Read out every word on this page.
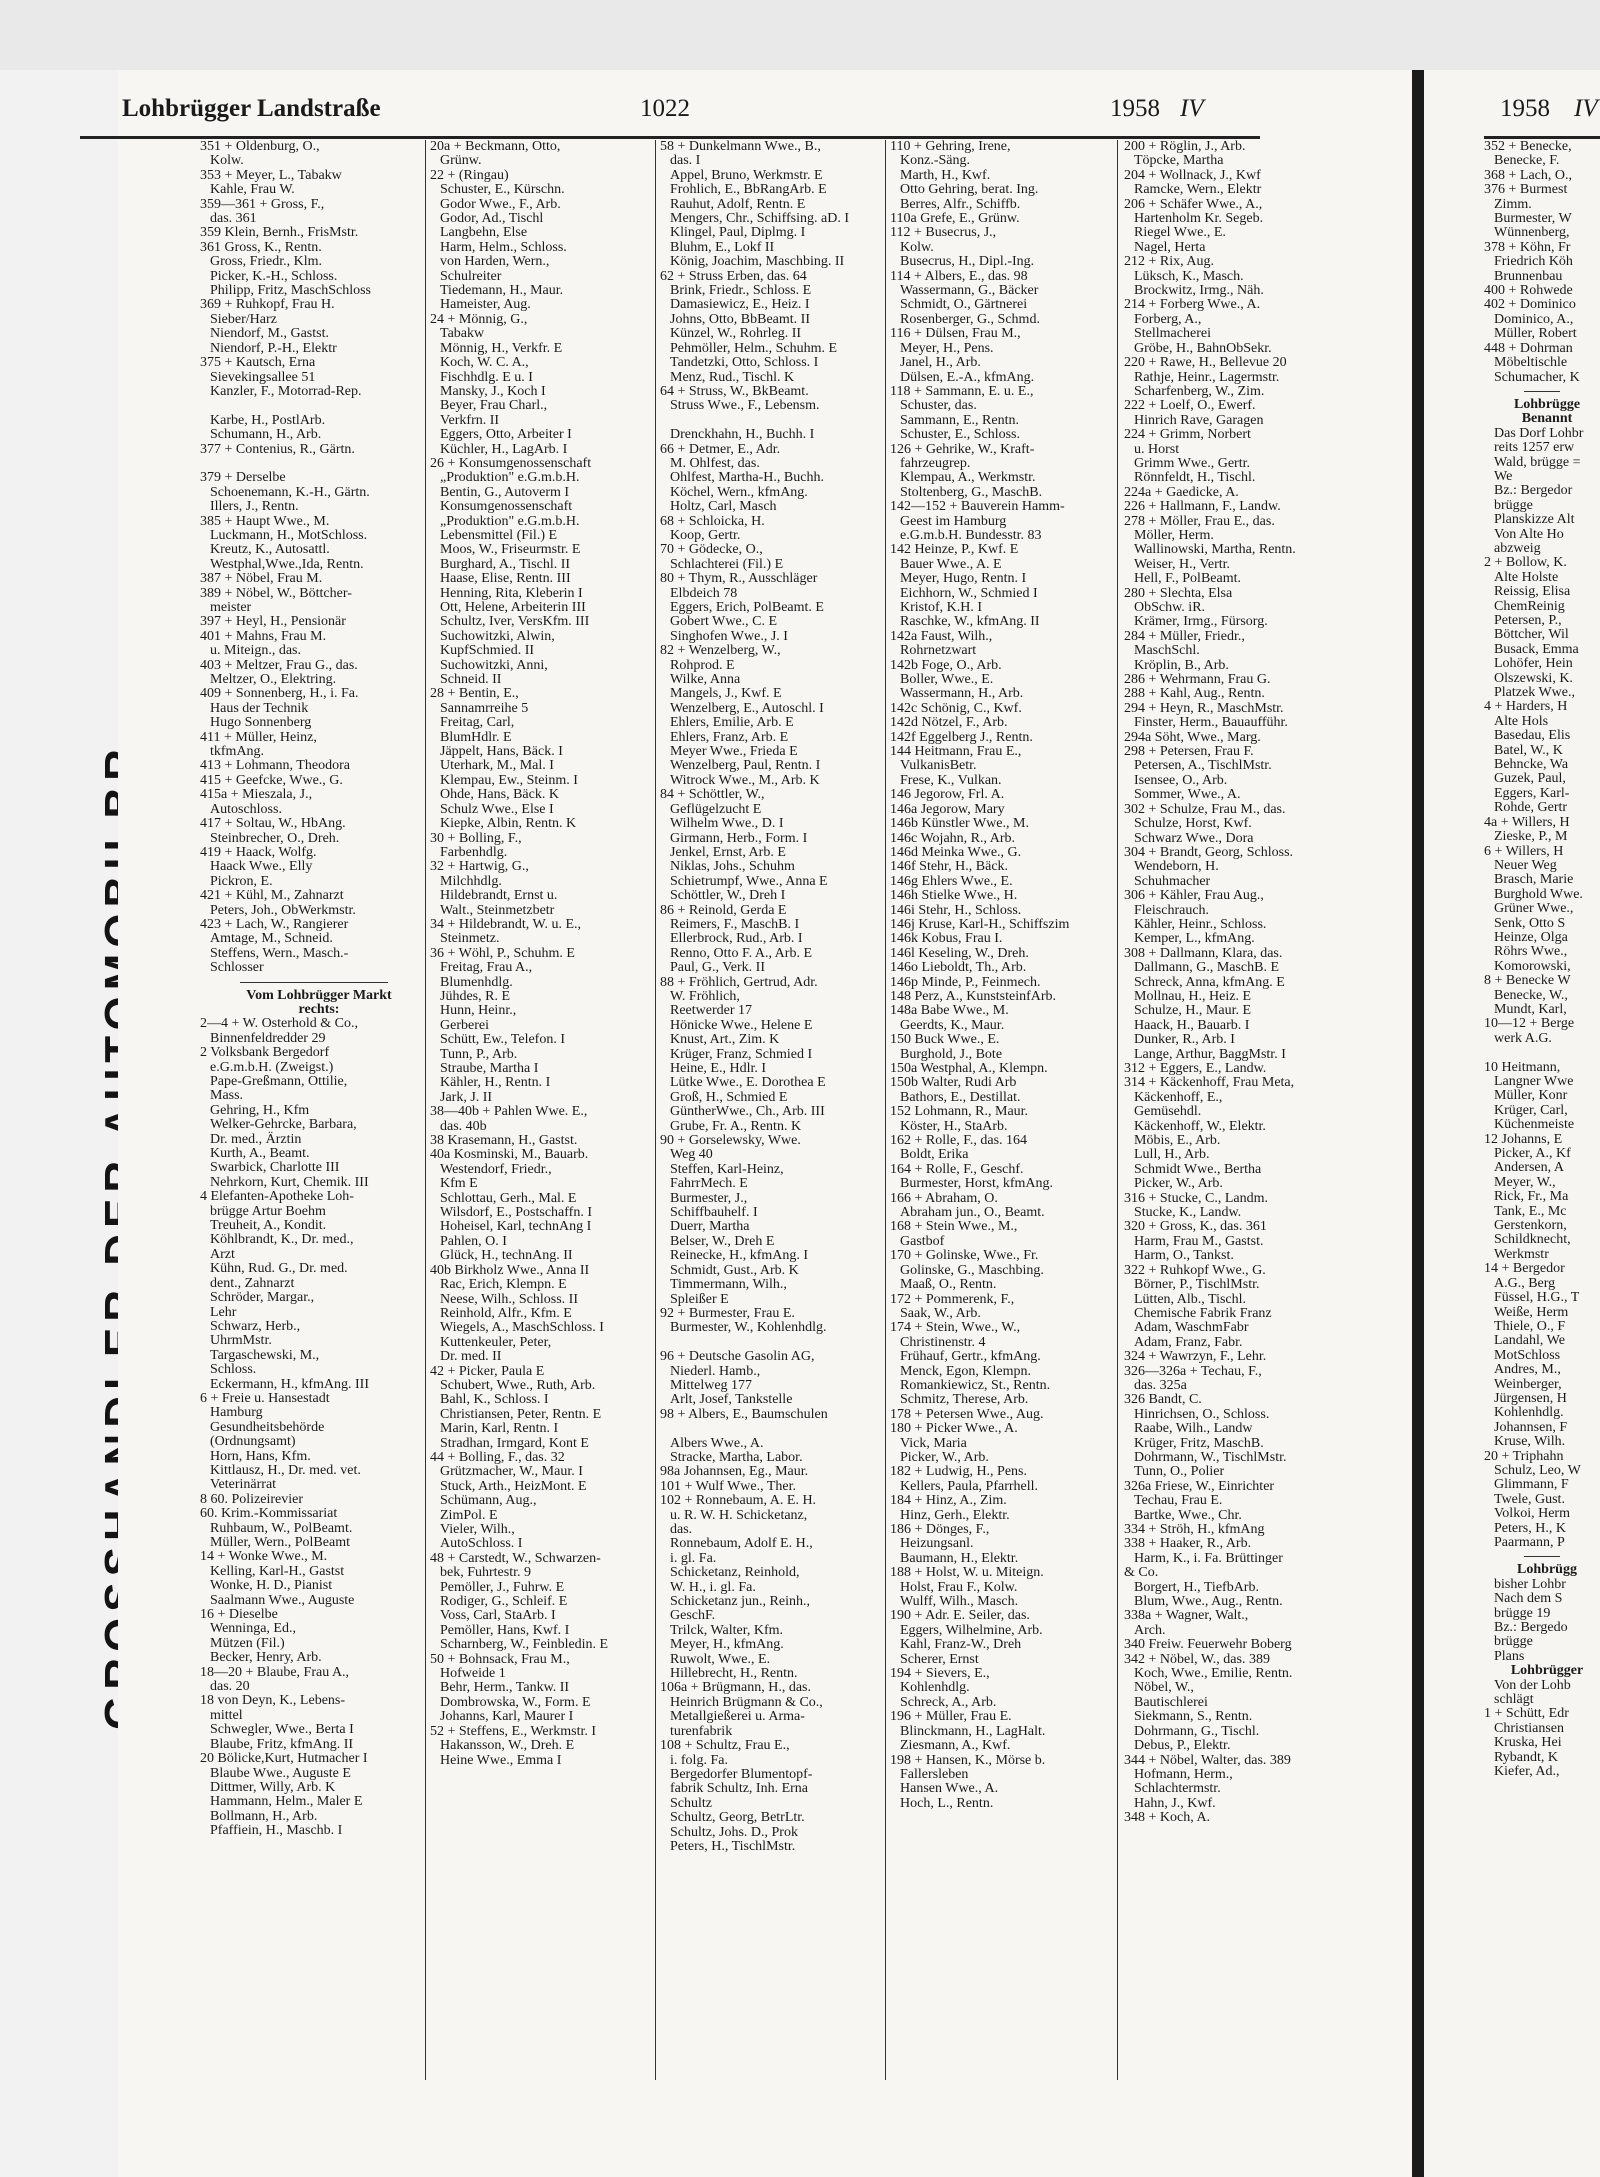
Lohbrügger Landstraße	1022	1958 IV
351 + Oldenburg, O.,
Kolw.
353 + Meyer, L., Tabakw
Kahle, Frau W.
359—361 + Gross, F.,
das. 361
359 Klein, Bernh., FrisMstr.
361 Gross, K., Rentn.
Gross, Friedr., Klm.
Picker, K.-H., Schloss.
Philipp, Fritz, MaschSchloss
369 + Ruhkopf, Frau H.
Sieber/Harz
Niendorf, M., Gastst.
Niendorf, P.-H., Elektr
375 + Kautsch, Erna
Sievekingsallee 51
Kanzler, F., Motorrad-Rep.

Karbe, H., PostlArb.
Schumann, H., Arb.
377 + Contenius, R., Gärtn.

379 + Derselbe
Schoenemann, K.-H., Gärtn.
Illers, J., Rentn.
385 + Haupt Wwe., M.
Luckmann, H., MotSchloss.
Kreutz, K., Autosattl.
Westphal,Wwe.,Ida, Rentn.
387 + Nöbel, Frau M.
389 + Nöbel, W., Böttcher-
meister
397 + Heyl, H., Pensionär
401 + Mahns, Frau M.
u. Miteign., das.
403 + Meltzer, Frau G., das.
Meltzer, O., Elektring.
409 + Sonnenberg, H., i. Fa.
Haus der Technik
Hugo Sonnenberg
411 + Müller, Heinz,
tkfmAng.
413 + Lohmann, Theodora
415 + Geefcke, Wwe., G.
415a + Mieszala, J.,
Autoschloss.
417 + Soltau, W., HbAng.
Steinbrecher, O., Dreh.
419 + Haack, Wolfg.
Haack Wwe., Elly
Pickron, E.
421 + Kühl, M., Zahnarzt
Peters, Joh., ObWerkmstr.
423 + Lach, W., Rangierer
Amtage, M., Schneid.
Steffens, Wern., Masch.-
Schlosser
Vom Lohbrügger Markt
rechts:
2—4 + W. Osterhold & Co.,
Binnenfeldredder 29
2 Volksbank Bergedorf
e.G.m.b.H. (Zweigst.)
Pape-Greßmann, Ottilie,
Mass.
Gehring, H., Kfm
Welker-Gehrcke, Barbara,
Dr. med., Ärztin
Kurth, A., Beamt.
Swarbick, Charlotte III
Nehrkorn, Kurt, Chemik. III
4 Elefanten-Apotheke Loh-
brügge Artur Boehm
Treuheit, A., Kondit.
Köhlbrandt, K., Dr. med.,
Arzt
Kühn, Rud. G., Dr. med.
dent., Zahnarzt
Schröder, Margar.,
Lehr
Schwarz, Herb.,
UhrmMstr.
Targaschewski, M.,
Schloss.
Eckermann, H., kfmAng. III
6 + Freie u. Hansestadt
Hamburg
Gesundheitsbehörde
(Ordnungsamt)
Horn, Hans, Kfm.
Kittlausz, H., Dr. med. vet.
Veterinärrat
8 60. Polizeirevier
60. Krim.-Kommissariat
Ruhbaum, W., PolBeamt.
Müller, Wern., PolBeamt
14 + Wonke Wwe., M.
Kelling, Karl-H., Gastst
Wonke, H. D., Pianist
Saalmann Wwe., Auguste
16 + Dieselbe
Wenninga, Ed.,
Mützen (Fil.)
Becker, Henry, Arb.
18—20 + Blaube, Frau A.,
das. 20
18 von Deyn, K., Lebens-
mittel
Schwegler, Wwe., Berta I
Blaube, Fritz, kfmAng. II
20 Bölicke,Kurt, Hutmacher I
Blaube Wwe., Auguste E
Dittmer, Willy, Arb. K
Hammann, Helm., Maler E
Bollmann, H., Arb.
Pfaffiein, H., Maschb. I
20a + Beckmann, Otto,
Grünw.
22 + (Ringau)
Schuster, E., Kürschn.
Godor Wwe., F., Arb.
Godor, Ad., Tischl
Langbehn, Else
Harm, Helm., Schloss.
von Harden, Wern.,
Schulreiter
Tiedemann, H., Maur.
Hameister, Aug.
24 + Mönnig, G.,
Tabakw
Mönnig, H., Verkfr. E
Koch, W. C. A.,
Fischhdlg. E u. I
Mansky, J., Koch I
Beyer, Frau Charl.,
Verkfrn. II
Eggers, Otto, Arbeiter I
Küchler, H., LagArb. I
26 + Konsumgenossenschaft
„Produktion" e.G.m.b.H.
Bentin, G., Autoverm I
Konsumgenossenschaft
„Produktion" e.G.m.b.H.
Lebensmittel (Fil.) E
Moos, W., Friseurmstr. E
Burghard, A., Tischl. II
Haase, Elise, Rentn. III
Henning, Rita, Kleberin I
Ott, Helene, Arbeiterin III
Schultz, Iver, VersKfm. III
Suchowitzki, Alwin,
KupfSchmied. II
Suchowitzki, Anni,
Schneid. II
28 + Bentin, E.,
Sannamrreihe 5
Freitag, Carl,
BlumHdlr. E
Jäppelt, Hans, Bäck. I
Uterhark, M., Mal. I
Klempau, Ew., Steinm. I
Ohde, Hans, Bäck. K
Schulz Wwe., Else I
Kiepke, Albin, Rentn. K
30 + Bolling, F.,
Farbenhdlg.
32 + Hartwig, G.,
Milchhdlg.
Hildebrandt, Ernst u.
Walt., Steinmetzbetr
34 + Hildebrandt, W. u. E.,
Steinmetz.
36 + Wöhl, P., Schuhm. E
Freitag, Frau A.,
Blumenhdlg.
Jühdes, R. E
Hunn, Heinr.,
Gerberei
Schütt, Ew., Telefon. I
Tunn, P., Arb.
Straube, Martha I
Kähler, H., Rentn. I
Jark, J. II
38—40b + Pahlen Wwe. E.,
das. 40b
38 Krasemann, H., Gastst.
40a Kosminski, M., Bauarb.
Westendorf, Friedr.,
Kfm E
Schlottau, Gerh., Mal. E
Wilsdorf, E., Postschaffn. I
Hoheisel, Karl, technAng I
Pahlen, O. I
Glück, H., technAng. II
40b Birkholz Wwe., Anna II
Rac, Erich, Klempn. E
Neese, Wilh., Schloss. II
Reinhold, Alfr., Kfm. E
Wiegels, A., MaschSchloss. I
Kuttenkeuler, Peter,
Dr. med. II
42 + Picker, Paula E
Schubert, Wwe., Ruth, Arb.
Bahl, K., Schloss. I
Christiansen, Peter, Rentn. E
Marin, Karl, Rentn. I
Stradhan, Irmgard, Kont E
44 + Bolling, F., das. 32
Grützmacher, W., Maur. I
Stuck, Arth., HeizMont. E
Schümann, Aug.,
ZimPol. E
Vieler, Wilh.,
AutoSchloss. I
48 + Carstedt, W., Schwarzen-
bek, Fuhrtestr. 9
Pemöller, J., Fuhrw. E
Rodiger, G., Schleif. E
Voss, Carl, StaArb. I
Pemöller, Hans, Kwf. I
Scharnberg, W., Feinbledin. E
50 + Bohnsack, Frau M.,
Hofweide 1
Behr, Herm., Tankw. II
Dombrowska, W., Form. E
Johanns, Karl, Maurer I
52 + Steffens, E., Werkmstr. I
Hakansson, W., Dreh. E
Heine Wwe., Emma I
58 + Dunkelmann Wwe., B.,
das. I
Appel, Bruno, Werkmstr. E
Frohlich, E., BbRangArb. E
Rauhut, Adolf, Rentn. E
Mengers, Chr., Schiffsing. aD. I
Klingel, Paul, Diplmg. I
Bluhm, E., Lokf II
König, Joachim, Maschbing. II
62 + Struss Erben, das. 64
Brink, Friedr., Schloss. E
Damasiewicz, E., Heiz. I
Johns, Otto, BbBeamt. II
Künzel, W., Rohrleg. II
Pehmöller, Helm., Schuhm. E
Tandetzki, Otto, Schloss. I
Menz, Rud., Tischl. K
64 + Struss, W., BkBeamt.
Struss Wwe., F., Lebensm.

Drenckhahn, H., Buchh. I
66 + Detmer, E., Adr.
M. Ohlfest, das.
Ohlfest, Martha-H., Buchh.
Köchel, Wern., kfmAng.
Holtz, Carl, Masch
68 + Schloicka, H.
Koop, Gertr.
70 + Gödecke, O.,
Schlachterei (Fil.) E
80 + Thym, R., Ausschläger
Elbdeich 78
Eggers, Erich, PolBeamt. E
Gobert Wwe., C. E
Singhofen Wwe., J. I
82 + Wenzelberg, W.,
Rohprod. E
Wilke, Anna
Mangels, J., Kwf. E
Wenzelberg, E., Autoschl. I
Ehlers, Emilie, Arb. E
Ehlers, Franz, Arb. E
Meyer Wwe., Frieda E
Wenzelberg, Paul, Rentn. I
Witrock Wwe., M., Arb. K
84 + Schöttler, W.,
Geflügelzucht E
Wilhelm Wwe., D. I
Girmann, Herb., Form. I
Jenkel, Ernst, Arb. E
Niklas, Johs., Schuhm
Schietrumpf, Wwe., Anna E
Schöttler, W., Dreh I
86 + Reinold, Gerda E
Reimers, F., MaschB. I
Ellerbrock, Rud., Arb. I
Renno, Otto F. A., Arb. E
Paul, G., Verk. II
88 + Fröhlich, Gertrud, Adr.
W. Fröhlich,
Reetwerder 17
Hönicke Wwe., Helene E
Knust, Art., Zim. K
Krüger, Franz, Schmied I
Heine, E., Hdlr. I
Lütke Wwe., E. Dorothea E
Groß, H., Schmied E
GüntherWwe., Ch., Arb. III
Grube, Fr. A., Rentn. K
90 + Gorselewsky, Wwe.
Weg 40
Steffen, Karl-Heinz,
FahrrMech. E
Burmester, J.,
Schiffbauhelf. I
Duerr, Martha
Belser, W., Dreh E
Reinecke, H., kfmAng. I
Schmidt, Gust., Arb. K
Timmermann, Wilh.,
Spleißer E
92 + Burmester, Frau E.
Burmester, W., Kohlenhdlg.

96 + Deutsche Gasolin AG,
Niederl. Hamb.,
Mittelweg 177
Arlt, Josef, Tankstelle
98 + Albers, E., Baumschulen

Albers Wwe., A.
Stracke, Martha, Labor.
98a Johannsen, Eg., Maur.
101 + Wulf Wwe., Ther.
102 + Ronnebaum, A. E. H.
u. R. W. H. Schicketanz,
das.
Ronnebaum, Adolf E. H.,
i. gl. Fa.
Schicketanz, Reinhold,
W. H., i. gl. Fa.
Schicketanz jun., Reinh.,
GeschF.
Trilck, Walter, Kfm.
Meyer, H., kfmAng.
Ruwolt, Wwe., E.
Hillebrecht, H., Rentn.
106a + Brügmann, H., das.
Heinrich Brügmann & Co.,
Metallgießerei u. Arma-
turenfabrik
108 + Schultz, Frau E.,
i. folg. Fa.
Bergedorfer Blumentopf-
fabrik Schultz, Inh. Erna
Schultz
Schultz, Georg, BetrLtr.
Schultz, Johs. D., Prok
Peters, H., TischlMstr.
110 + Gehring, Irene,
Konz.-Säng.
Marth, H., Kwf.
Otto Gehring, berat. Ing.
Berres, Alfr., Schiffb.
110a Grefe, E., Grünw.
112 + Busecrus, J.,
Kolw.
Busecrus, H., Dipl.-Ing.
114 + Albers, E., das. 98
Wassermann, G., Bäcker
Schmidt, O., Gärtnerei
Rosenberger, G., Schmd.
116 + Dülsen, Frau M.,
Meyer, H., Pens.
Janel, H., Arb.
Dülsen, E.-A., kfmAng.
118 + Sammann, E. u. E.,
Schuster, das.
Sammann, E., Rentn.
Schuster, E., Schloss.
126 + Gehrike, W., Kraft-
fahrzeugrep.
Klempau, A., Werkmstr.
Stoltenberg, G., MaschB.
142—152 + Bauverein Hamm-
Geest im Hamburg
e.G.m.b.H. Bundesstr. 83
142 Heinze, P., Kwf. E
Bauer Wwe., A. E
Meyer, Hugo, Rentn. I
Eichhorn, W., Schmied I
Kristof, K.H. I
Raschke, W., kfmAng. II
142a Faust, Wilh.,
Rohrnetzwart
142b Foge, O., Arb.
Boller, Wwe., E.
Wassermann, H., Arb.
142c Schönig, C., Kwf.
142d Nötzel, F., Arb.
142f Eggelberg J., Rentn.
144 Heitmann, Frau E.,
VulkanisBetr.
Frese, K., Vulkan.
146 Jegorow, Frl. A.
146a Jegorow, Mary
146b Künstler Wwe., M.
146c Wojahn, R., Arb.
146d Meinka Wwe., G.
146f Stehr, H., Bäck.
146g Ehlers Wwe., E.
146h Stielke Wwe., H.
146i Stehr, H., Schloss.
146j Kruse, Karl-H., Schiffszim
146k Kobus, Frau I.
146l Keseling, W., Dreh.
146o Lieboldt, Th., Arb.
146p Minde, P., Feinmech.
148 Perz, A., KunststeinfArb.
148a Babe Wwe., M.
Geerdts, K., Maur.
150 Buck Wwe., E.
Burghold, J., Bote
150a Westphal, A., Klempn.
150b Walter, Rudi Arb
Bathors, E., Destillat.
152 Lohmann, R., Maur.
Köster, H., StaArb.
162 + Rolle, F., das. 164
Boldt, Erika
164 + Rolle, F., Geschf.
Burmester, Horst, kfmAng.
166 + Abraham, O.
Abraham jun., O., Beamt.
168 + Stein Wwe., M.,
Gastbof
170 + Golinske, Wwe., Fr.
Golinske, G., Maschbing.
Maaß, O., Rentn.
172 + Pommerenk, F.,
Saak, W., Arb.
174 + Stein, Wwe., W.,
Christinenstr. 4
Frühauf, Gertr., kfmAng.
Menck, Egon, Klempn.
Romankiewicz, St., Rentn.
Schmitz, Therese, Arb.
178 + Petersen Wwe., Aug.
180 + Picker Wwe., A.
Vick, Maria
Picker, W., Arb.
182 + Ludwig, H., Pens.
Kellers, Paula, Pfarrhell.
184 + Hinz, A., Zim.
Hinz, Gerh., Elektr.
186 + Dönges, F.,
Heizungsanl.
Baumann, H., Elektr.
188 + Holst, W. u. Miteign.
Holst, Frau F., Kolw.
Wulff, Wilh., Masch.
190 + Adr. E. Seiler, das.
Eggers, Wilhelmine, Arb.
Kahl, Franz-W., Dreh
Scherer, Ernst
194 + Sievers, E.,
Kohlenhdlg.
Schreck, A., Arb.
196 + Müller, Frau E.
Blinckmann, H., LagHalt.
Ziesmann, A., Kwf.
198 + Hansen, K., Mörse b.
Fallersleben
Hansen Wwe., A.
Hoch, L., Rentn.
200 + Röglin, J., Arb.
Töpcke, Martha
204 + Wollnack, J., Kwf
Ramcke, Wern., Elektr
206 + Schäfer Wwe., A.,
Hartenholm Kr. Segeb.
Riegel Wwe., E.
Nagel, Herta
212 + Rix, Aug.
Lüksch, K., Masch.
Brockwitz, Irmg., Näh.
214 + Forberg Wwe., A.
Forberg, A.,
Stellmacherei
Gröbe, H., BahnObSekr.
220 + Rawe, H., Bellevue 20
Rathje, Heinr., Lagermstr.
Scharfenberg, W., Zim.
222 + Loelf, O., Ewerf.
Hinrich Rave, Garagen
224 + Grimm, Norbert
u. Horst
Grimm Wwe., Gertr.
Rönnfeldt, H., Tischl.
224a + Gaedicke, A.
226 + Hallmann, F., Landw.
278 + Möller, Frau E., das.
Möller, Herm.
Wallinowski, Martha, Rentn.
Weiser, H., Vertr.
Hell, F., PolBeamt.
280 + Slechta, Elsa
ObSchw. iR.
Krämer, Irmg., Fürsorg.
284 + Müller, Friedr.,
MaschSchl.
Kröplin, B., Arb.
286 + Wehrmann, Frau G.
288 + Kahl, Aug., Rentn.
294 + Heyn, R., MaschMstr.
Finster, Herm., Bauaufführ.
294a Söht, Wwe., Marg.
298 + Petersen, Frau F.
Petersen, A., TischlMstr.
Isensee, O., Arb.
Sommer, Wwe., A.
302 + Schulze, Frau M., das.
Schulze, Horst, Kwf.
Schwarz Wwe., Dora
304 + Brandt, Georg, Schloss.
Wendeborn, H.
Schuhmacher
306 + Kähler, Frau Aug.,
Fleischrauch.
Kähler, Heinr., Schloss.
Kemper, L., kfmAng.
308 + Dallmann, Klara, das.
Dallmann, G., MaschB. E
Schreck, Anna, kfmAng. E
Mollnau, H., Heiz. E
Schulze, H., Maur. E
Haack, H., Bauarb. I
Dunker, R., Arb. I
Lange, Arthur, BaggMstr. I
312 + Eggers, E., Landw.
314 + Käckenhoff, Frau Meta,
Käckenhoff, E.,
Gemüsehdl.
Käckenhoff, W., Elektr.
Möbis, E., Arb.
Lull, H., Arb.
Schmidt Wwe., Bertha
Picker, W., Arb.
316 + Stucke, C., Landm.
Stucke, K., Landw.
320 + Gross, K., das. 361
Harm, Frau M., Gastst.
Harm, O., Tankst.
322 + Ruhkopf Wwe., G.
Börner, P., TischlMstr.
Lütten, Alb., Tischl.
Chemische Fabrik Franz
Adam, WaschmFabr
Adam, Franz, Fabr.
324 + Wawrzyn, F., Lehr.
326—326a + Techau, F.,
das. 325a
326 Bandt, C.
Hinrichsen, O., Schloss.
Raabe, Wilh., Landw
Krüger, Fritz, MaschB.
Dohrmann, W., TischlMstr.
Tunn, O., Polier
326a Friese, W., Einrichter
Techau, Frau E.
Bartke, Wwe., Chr.
334 + Ströh, H., kfmAng
338 + Haaker, R., Arb.
Harm, K., i. Fa. Brüttinger
& Co.
Borgert, H., TiefbArb.
Blum, Wwe., Aug., Rentn.
338a + Wagner, Walt.,
Arch.
340 Freiw. Feuerwehr Boberg
342 + Nöbel, W., das. 389
Koch, Wwe., Emilie, Rentn.
Nöbel, W.,
Bautischlerei
Siekmann, S., Rentn.
Dohrmann, G., Tischl.
Debus, P., Elektr.
344 + Nöbel, Walter, das. 389
Hofmann, Herm.,
Schlachtermstr.
Hahn, J., Kwf.
348 + Koch, A.
1958 IV
352 + Benecke,
Benecke, F.
368 + Lach, O.,
376 + Burmest
Zimm.
Burmester, W
Wünnenberg,
378 + Köhn, Fr
Friedrich Köh
Brunnenbau
400 + Rohwede
402 + Dominico
Dominico, A.,
Müller, Robert
448 + Dohrman
Möbeltischle
Schumacher, K
Lohbrügge
Benannt
Das Dorf Lohbr
reits 1257 erw
Wald, brügge =
We
Bz.: Bergedor
brügge
Planskizze Alt
Von Alte Ho
abzweig
2 + Bollow, K.
Alte Holste
Reissig, Elisa
ChemReinig
Petersen, P.,
Böttcher, Wil
Busack, Emma
Lohöfer, Hein
Olszewski, K.
Platzek Wwe.,
4 + Harders, H
Alte Hols
Basedau, Elis
Batel, W., K
Behncke, Wa
Guzek, Paul,
Eggers, Karl-
Rohde, Gertr
4a + Willers, H
Zieske, P., M
6 + Willers, H
Neuer Weg
Brasch, Marie
Burghold Wwe.
Grüner Wwe.,
Senk, Otto S
Heinze, Olga
Röhrs Wwe.,
Komorowski,
8 + Benecke W
Benecke, W.,
Mundt, Karl,
10—12 + Berge
werk A.G.

10 Heitmann,
Langner Wwe
Müller, Konr
Krüger, Carl,
Küchenmeiste
12 Johanns, E
Picker, A., Kf
Andersen, A
Meyer, W.,
Rick, Fr., Ma
Tank, E., Mc
Gerstenkorn,
Schildknecht,
Werkmstr
14 + Bergedor
A.G., Berg
Füssel, H.G., T
Weiße, Herm
Thiele, O., F
Landahl, We
MotSchloss
Andres, M.,
Weinberger,
Jürgensen, H
Kohlenhdlg.
Johannsen, F
Kruse, Wilh.
20 + Triphahn
Schulz, Leo, W
Glimmann, F
Twele, Gust.
Volkoi, Herm
Peters, H., K
Paarmann, P
Lohbrügg
bisher Lohbr
Nach dem S
brügge 19
Bz.: Bergedo
brügge
Plans
Lohbrügger
Von der Lohb
schlägt
1 + Schütt, Edr
Christiansen
Kruska, Hei
Rybandt, K
Kiefer, Ad.,
